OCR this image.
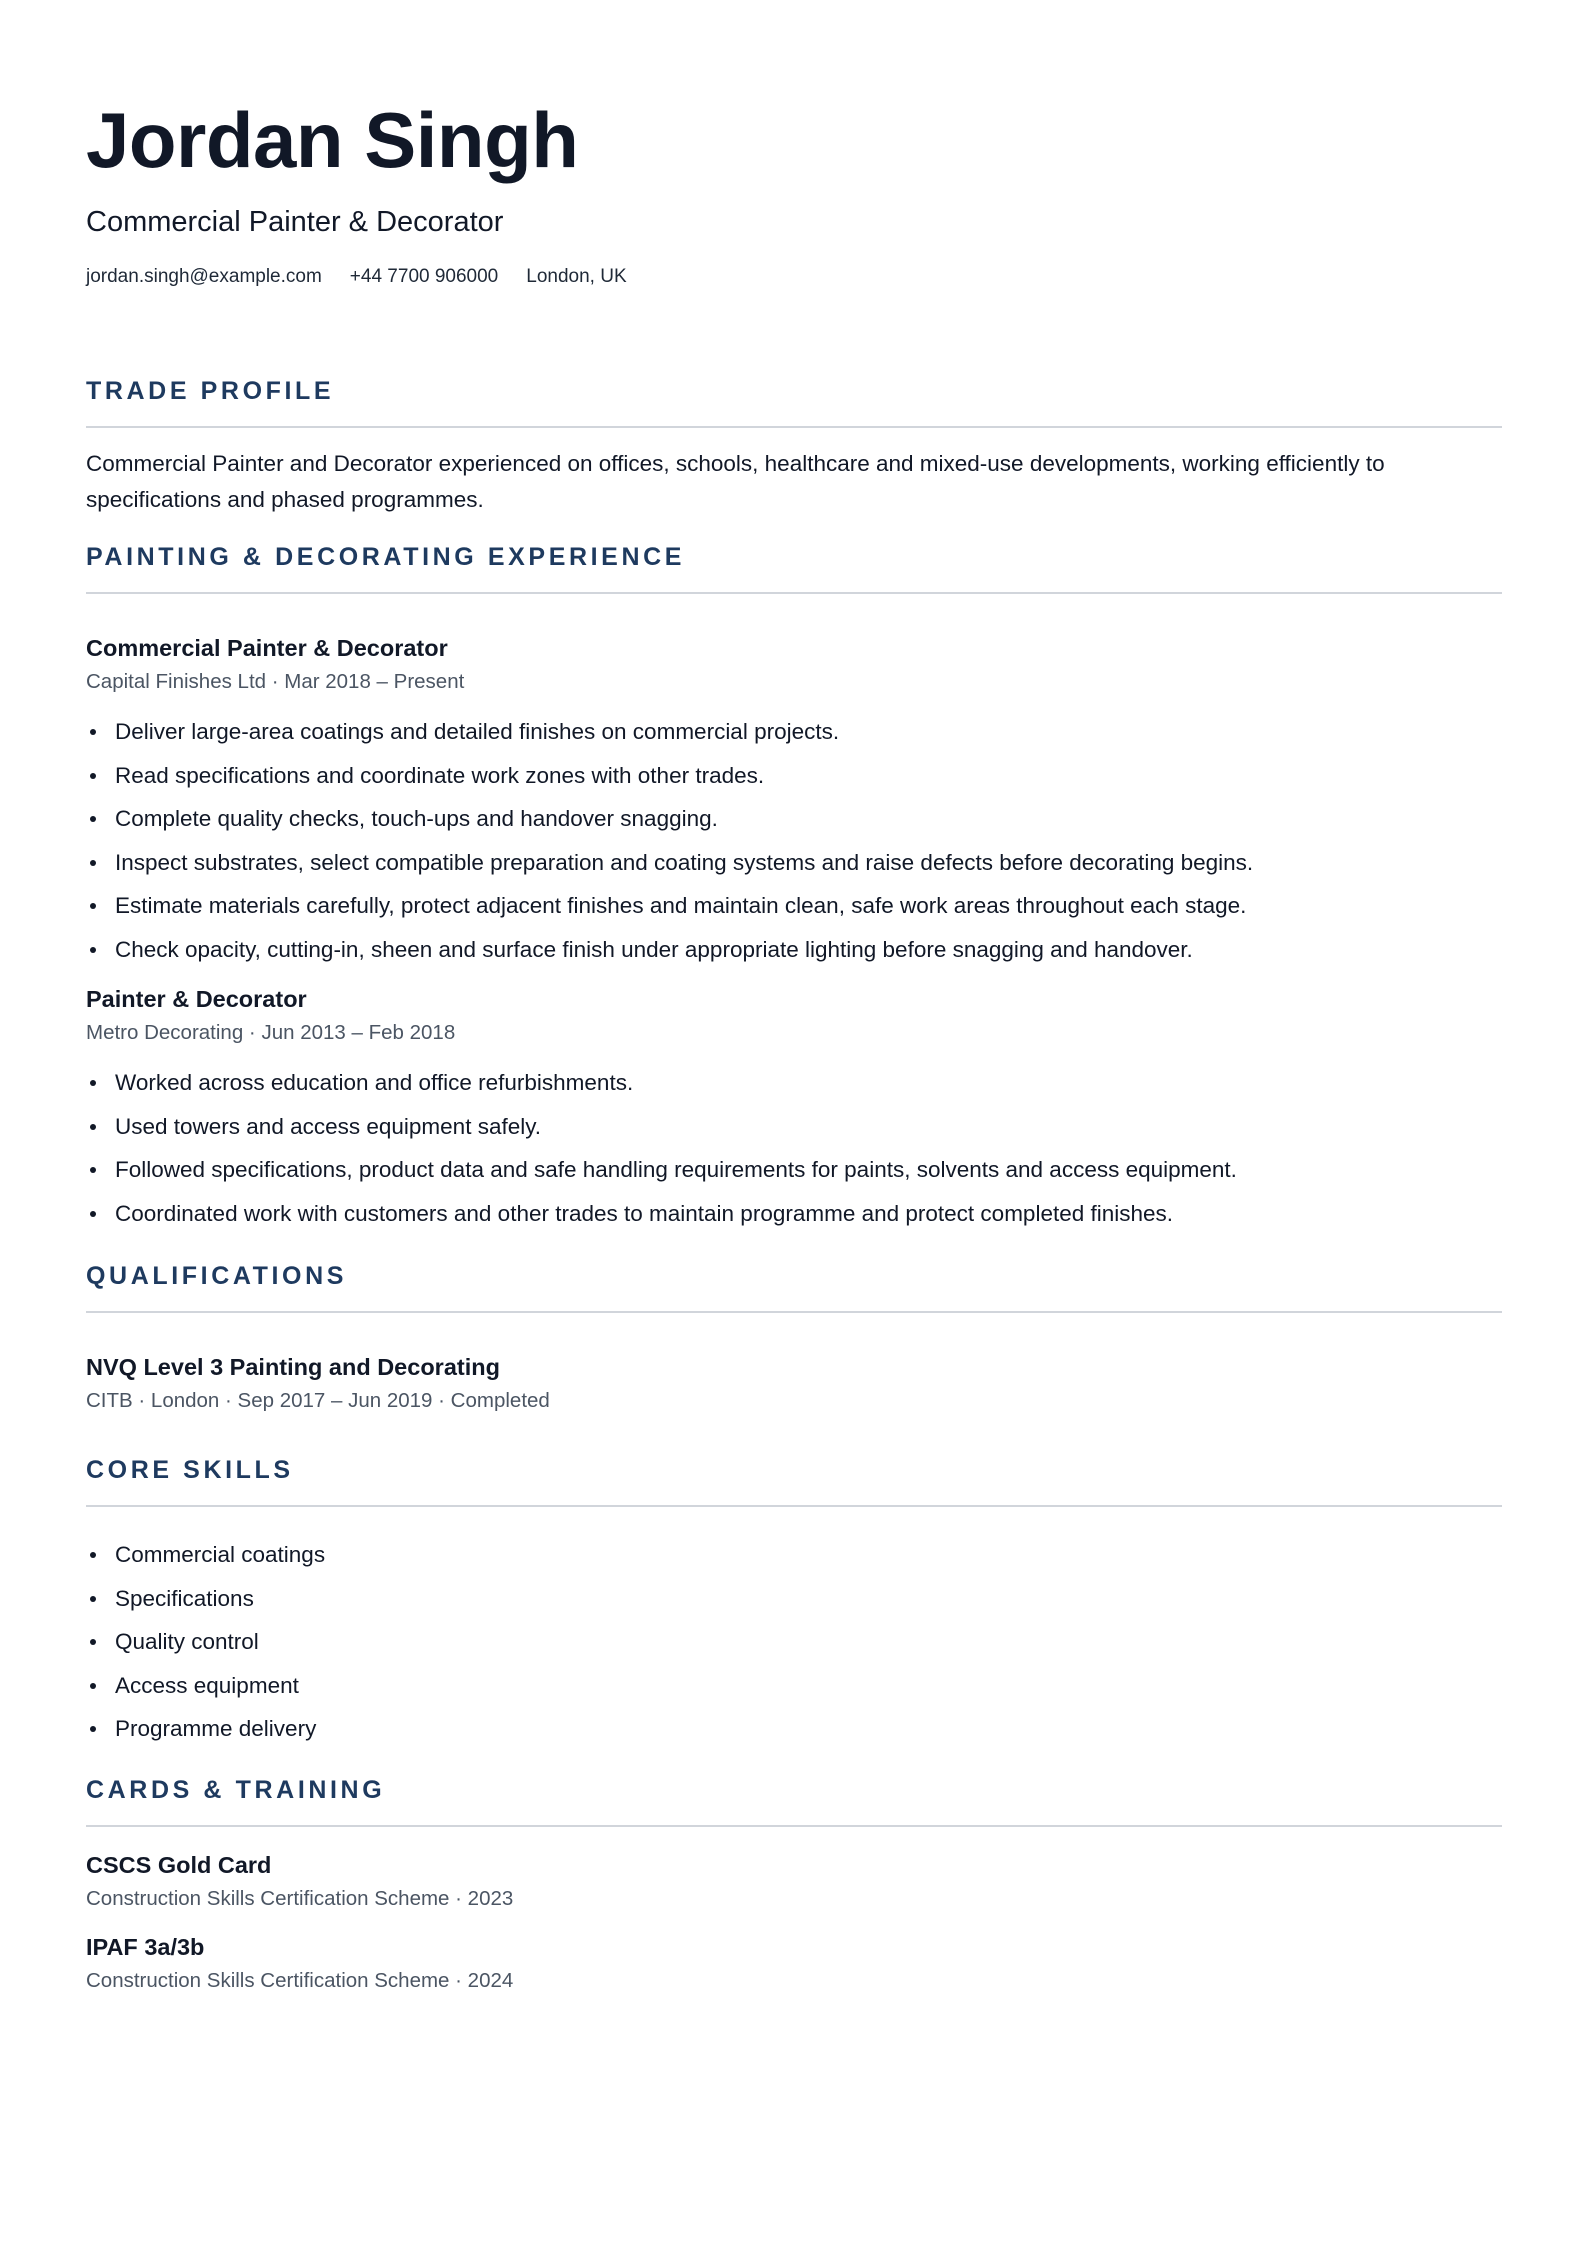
Jordan Singh

Commercial Painter & Decorator

jordan.singh@example.com +44 7700 906000 London, UK
TRADE PROFILE

Commercial Painter and Decorator experienced on offices, schools, healthcare and mixed-use developments, working efficiently to specifications and phased programmes.

PAINTING & DECORATING EXPERIENCE

Commercial Painter & Decorator

Capital Finishes Ltd · Mar 2018 – Present

Deliver large-area coatings and detailed finishes on commercial projects.
Read specifications and coordinate work zones with other trades.
Complete quality checks, touch-ups and handover snagging.
Inspect substrates, select compatible preparation and coating systems and raise defects before decorating begins.
Estimate materials carefully, protect adjacent finishes and maintain clean, safe work areas throughout each stage.
Check opacity, cutting-in, sheen and surface finish under appropriate lighting before snagging and handover.

Painter & Decorator

Metro Decorating · Jun 2013 – Feb 2018

Worked across education and office refurbishments.
Used towers and access equipment safely.
Followed specifications, product data and safe handling requirements for paints, solvents and access equipment.
Coordinated work with customers and other trades to maintain programme and protect completed finishes.
QUALIFICATIONS

NVQ Level 3 Painting and Decorating

CITB · London · Sep 2017 – Jun 2019 · Completed

CORE SKILLS
Commercial coatings
Specifications
Quality control
Access equipment
Programme delivery
CARDS & TRAINING

CSCS Gold Card

Construction Skills Certification Scheme · 2023

IPAF 3a/3b

Construction Skills Certification Scheme · 2024
